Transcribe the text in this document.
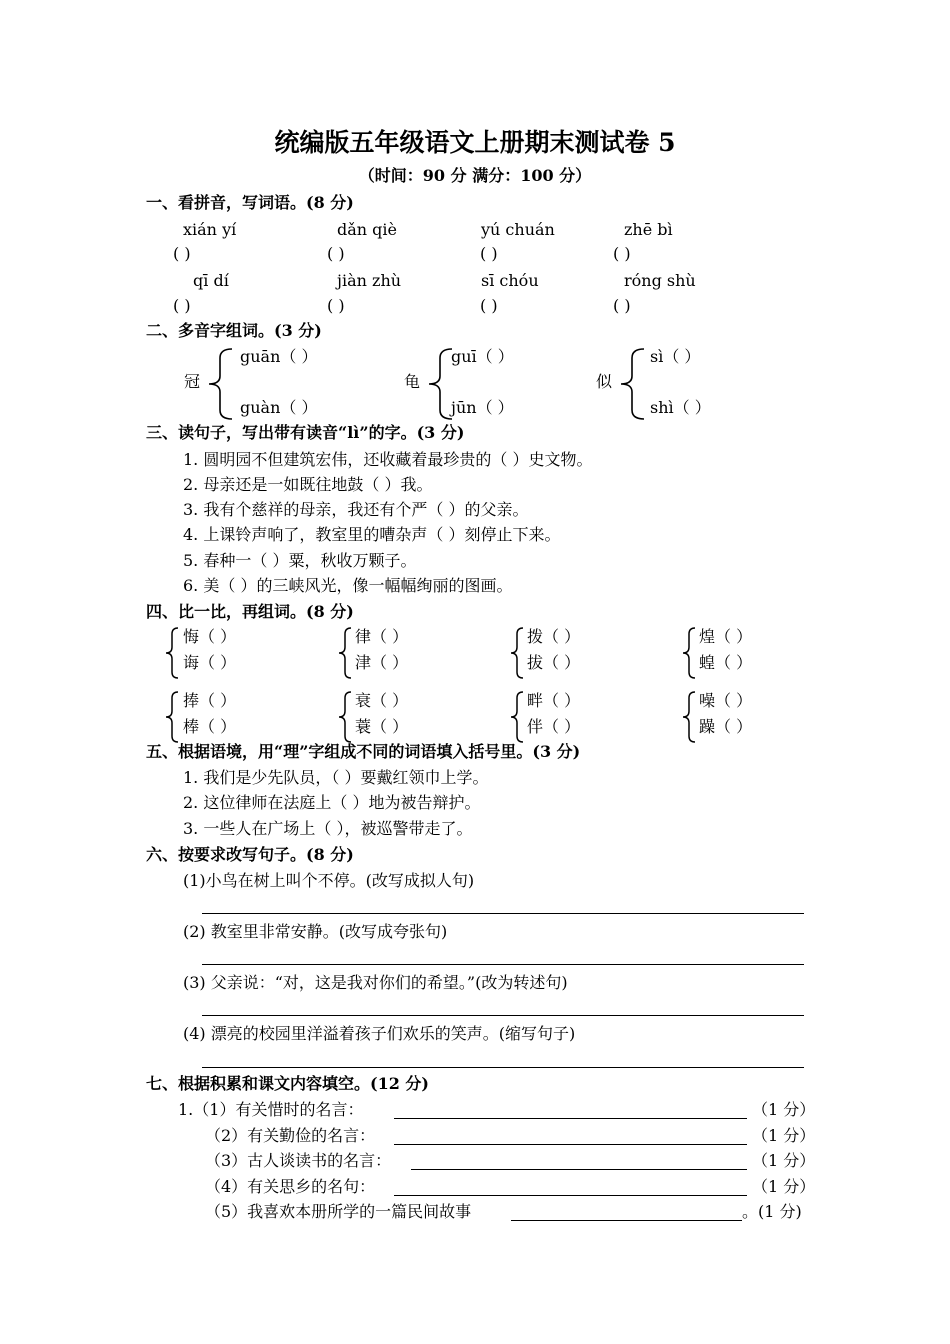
统编版五年级语文上册期末测试卷 5
（时间：90 分 满分：100 分）
一、看拼音，写词语。(8 分)
xián yí	dǎn qiè	yú chuán	zhē bì
( )	( )	( )	( )
qī dí	jiàn zhù	sī chóu	róng shù
( )	( )	( )	( )
二、多音字组词。(3 分)
冠
guān（ ）
guàn（ ）
龟
guī（ ）
jūn（ ）
似
sì（ ）
shì（ ）
三、读句子，写出带有读音“lì”的字。(3 分)
1. 圆明园不但建筑宏伟，还收藏着最珍贵的（ ）史文物。
2. 母亲还是一如既往地鼓（ ）我。
3. 我有个慈祥的母亲，我还有个严（ ）的父亲。
4. 上课铃声响了，教室里的嘈杂声（ ）刻停止下来。
5. 春种一（ ）粟，秋收万颗子。
6. 美（ ）的三峡风光，像一幅幅绚丽的图画。
四、比一比，再组词。(8 分)
悔（ ）
诲（ ）
律（ ）
津（ ）
拨（ ）
拔（ ）
煌（ ）
蝗（ ）
捧（ ）
棒（ ）
衰（ ）
蓑（ ）
畔（ ）
伴（ ）
噪（ ）
躁（ ）
五、根据语境，用“理”字组成不同的词语填入括号里。(3 分)
1. 我们是少先队员，（ ）要戴红领巾上学。
2. 这位律师在法庭上（ ）地为被告辩护。
3. 一些人在广场上（ ），被巡警带走了。
六、按要求改写句子。(8 分)
(1)小鸟在树上叫个不停。(改写成拟人句)
(2) 教室里非常安静。(改写成夸张句)
(3) 父亲说：“对，这是我对你们的希望。”(改为转述句)
(4) 漂亮的校园里洋溢着孩子们欢乐的笑声。(缩写句子)
七、根据积累和课文内容填空。(12 分)
1.（1）有关惜时的名言：	（1 分）
（2）有关勤俭的名言：	（1 分）
（3）古人谈读书的名言：	（1 分）
（4）有关思乡的名句：	（1 分）
（5）我喜欢本册所学的一篇民间故事	。(1 分)
